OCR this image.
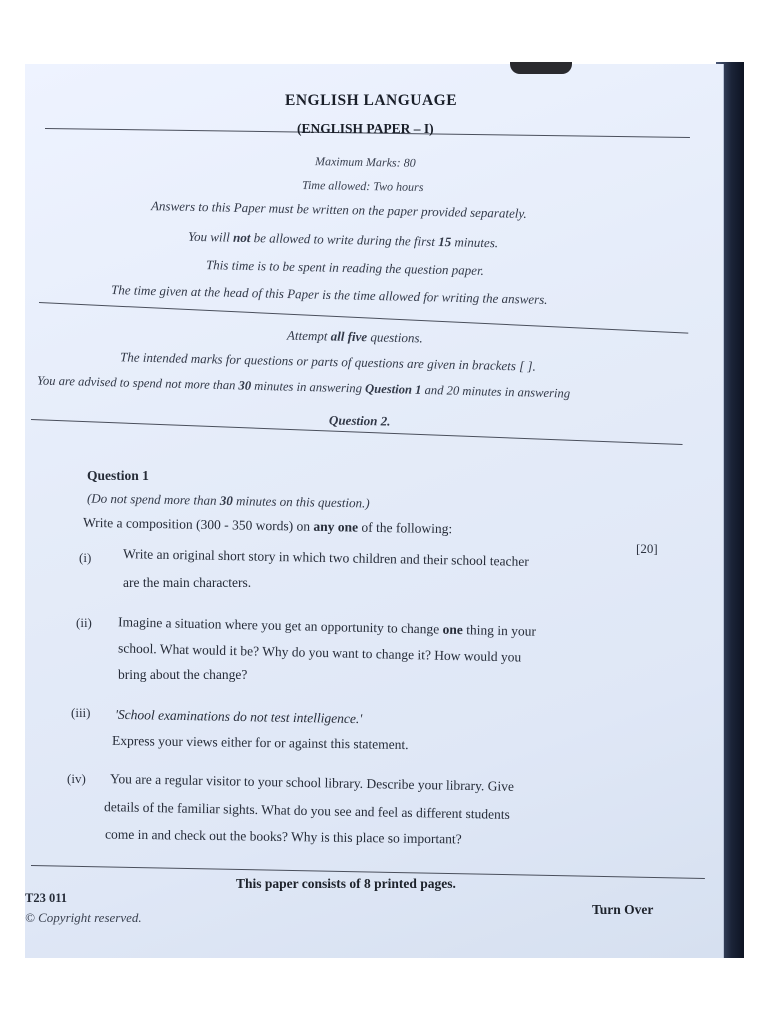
ENGLISH LANGUAGE
(ENGLISH PAPER – I)
Maximum Marks: 80
Time allowed: Two hours
Answers to this Paper must be written on the paper provided separately.
You will not be allowed to write during the first 15 minutes.
This time is to be spent in reading the question paper.
The time given at the head of this Paper is the time allowed for writing the answers.
Attempt all five questions.
The intended marks for questions or parts of questions are given in brackets [ ].
You are advised to spend not more than 30 minutes in answering Question 1 and 20 minutes in answering
Question 2.
Question 1
(Do not spend more than 30 minutes on this question.)
Write a composition (300 - 350 words) on any one of the following:
[20]
(i) Write an original short story in which two children and their school teacher
are the main characters.
(ii) Imagine a situation where you get an opportunity to change one thing in your
school. What would it be? Why do you want to change it? How would you
bring about the change?
(iii) 'School examinations do not test intelligence.'
Express your views either for or against this statement.
(iv) You are a regular visitor to your school library. Describe your library. Give
details of the familiar sights. What do you see and feel as different students
come in and check out the books? Why is this place so important?
This paper consists of 8 printed pages.
T23 011
© Copyright reserved.
Turn Over
